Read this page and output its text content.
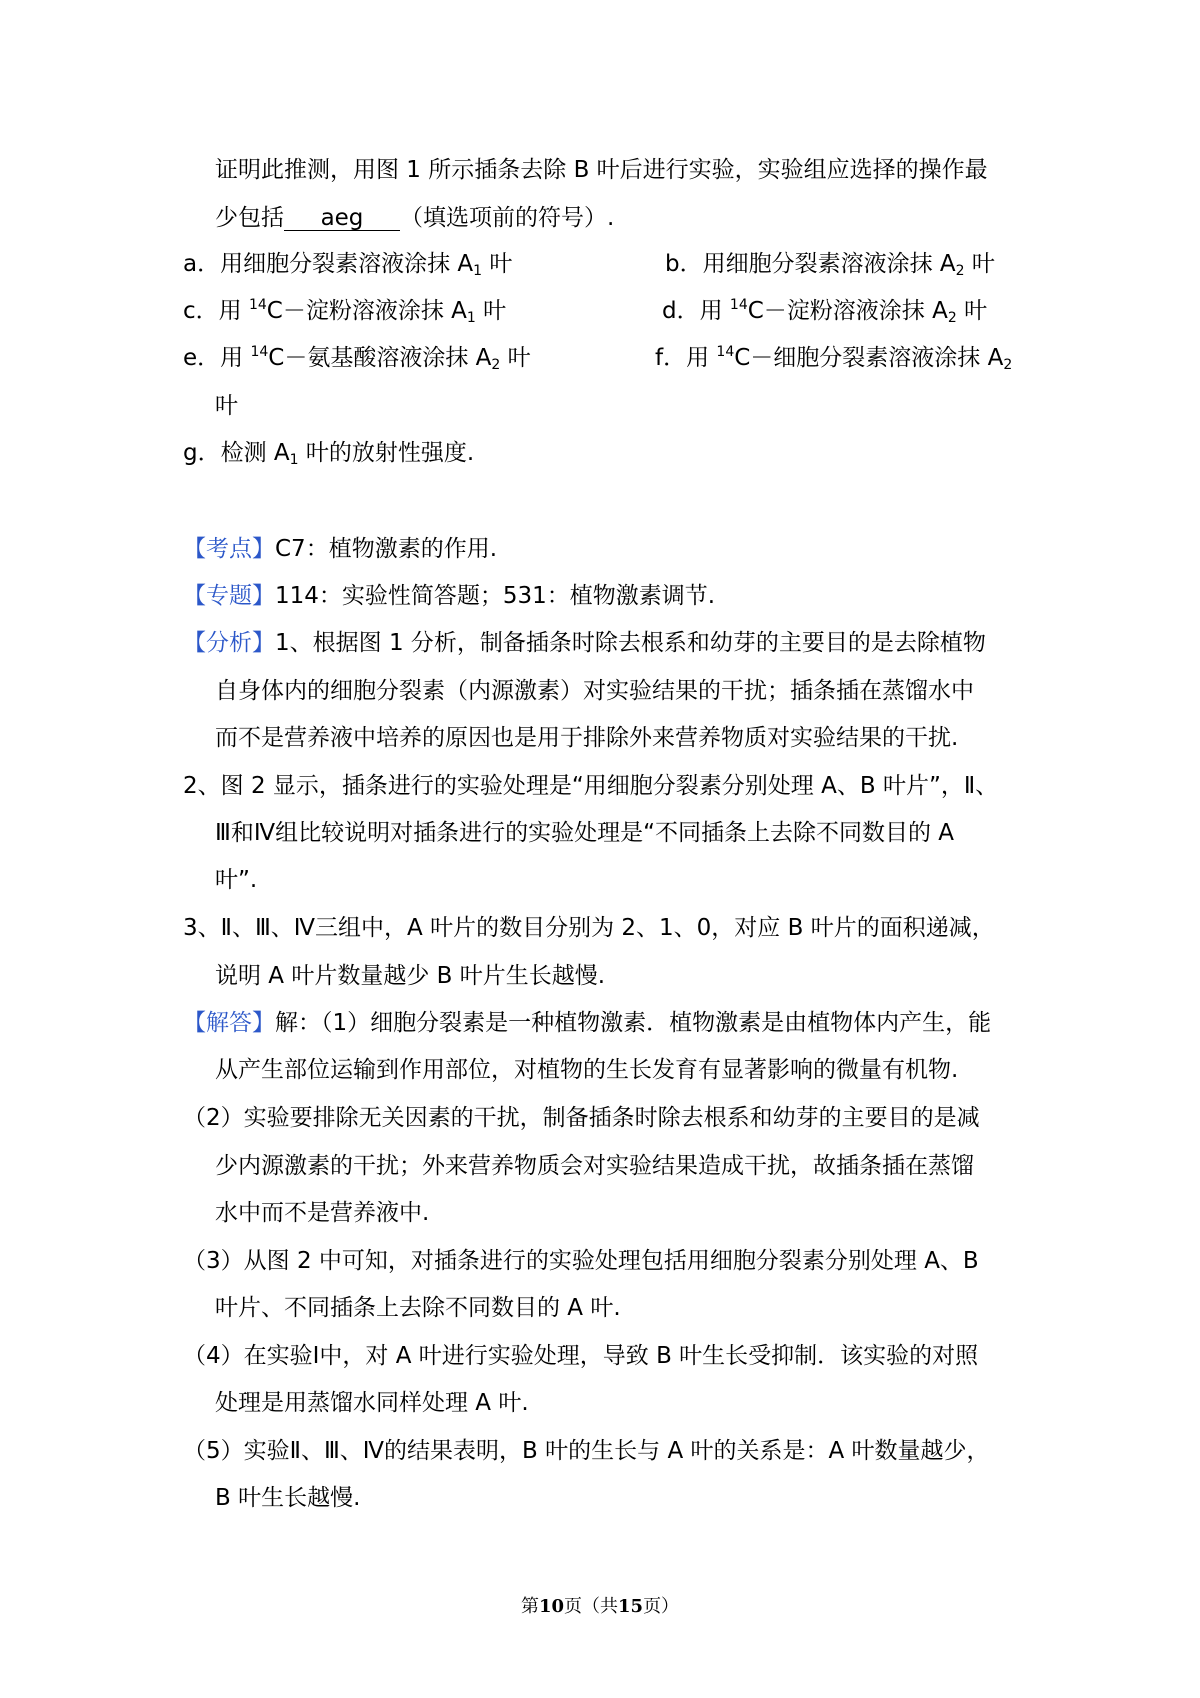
证明此推测，用图 1 所示插条去除 B 叶后进行实验，实验组应选择的操作最
少包括 aeg （填选项前的符号）.
a．用细胞分裂素溶液涂抹 $A_1$ 叶	b．用细胞分裂素溶液涂抹 $A_2$ 叶
c．用 $^{14}$C－淀粉溶液涂抹 $A_1$ 叶	d．用 $^{14}$C－淀粉溶液涂抹 $A_2$ 叶
e．用 $^{14}$C－氨基酸溶液涂抹 $A_2$ 叶	f．用 $^{14}$C－细胞分裂素溶液涂抹 $A_2$
叶
g．检测 $A_1$ 叶的放射性强度.
【考点】C7：植物激素的作用.
【专题】114：实验性简答题；531：植物激素调节.
【分析】1、根据图 1 分析，制备插条时除去根系和幼芽的主要目的是去除植物
自身体内的细胞分裂素（内源激素）对实验结果的干扰；插条插在蒸馏水中
而不是营养液中培养的原因也是用于排除外来营养物质对实验结果的干扰.
2、图 2 显示，插条进行的实验处理是“用细胞分裂素分别处理 A、B 叶片”，Ⅱ、
Ⅲ和Ⅳ组比较说明对插条进行的实验处理是“不同插条上去除不同数目的 A
叶”.
3、Ⅱ、Ⅲ、Ⅳ三组中，A 叶片的数目分别为 2、1、0，对应 B 叶片的面积递减，
说明 A 叶片数量越少 B 叶片生长越慢.
【解答】解：（1）细胞分裂素是一种植物激素．植物激素是由植物体内产生，能
从产生部位运输到作用部位，对植物的生长发育有显著影响的微量有机物.
（2）实验要排除无关因素的干扰，制备插条时除去根系和幼芽的主要目的是减
少内源激素的干扰；外来营养物质会对实验结果造成干扰，故插条插在蒸馏
水中而不是营养液中.
（3）从图 2 中可知，对插条进行的实验处理包括用细胞分裂素分别处理 A、B
叶片、不同插条上去除不同数目的 A 叶.
（4）在实验Ⅰ中，对 A 叶进行实验处理，导致 B 叶生长受抑制．该实验的对照
处理是用蒸馏水同样处理 A 叶.
（5）实验Ⅱ、Ⅲ、Ⅳ的结果表明，B 叶的生长与 A 叶的关系是：A 叶数量越少，
B 叶生长越慢.
第10页（共15页）
